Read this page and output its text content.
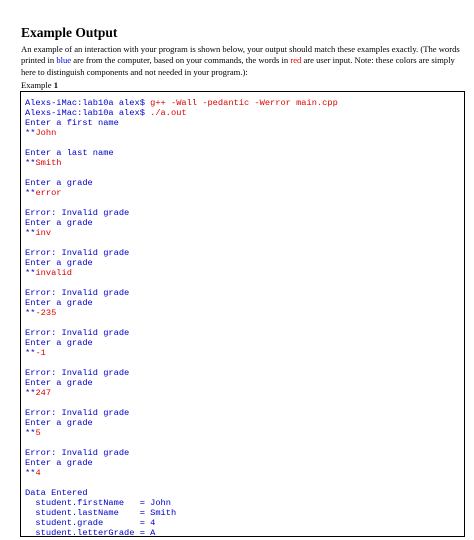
Example Output
An example of an interaction with your program is shown below, your output should match these examples exactly. (The words printed in blue are from the computer, based on your commands, the words in red are user input. Note: these colors are simply here to distinguish components and not needed in your program.):
Example 1
Alexs-iMac:lab10a alex$ g++ -Wall -pedantic -Werror main.cpp
Alexs-iMac:lab10a alex$ ./a.out
Enter a first name
**John
Enter a last name
**Smith
Enter a grade
**error
Error: Invalid grade
Enter a grade
**inv
Error: Invalid grade
Enter a grade
**invalid
Error: Invalid grade
Enter a grade
**-235
Error: Invalid grade
Enter a grade
**-1
Error: Invalid grade
Enter a grade
**247
Error: Invalid grade
Enter a grade
**5
Error: Invalid grade
Enter a grade
**4
Data Entered
student.firstName   = John
student.lastName    = Smith
student.grade       = 4
student.letterGrade = A
